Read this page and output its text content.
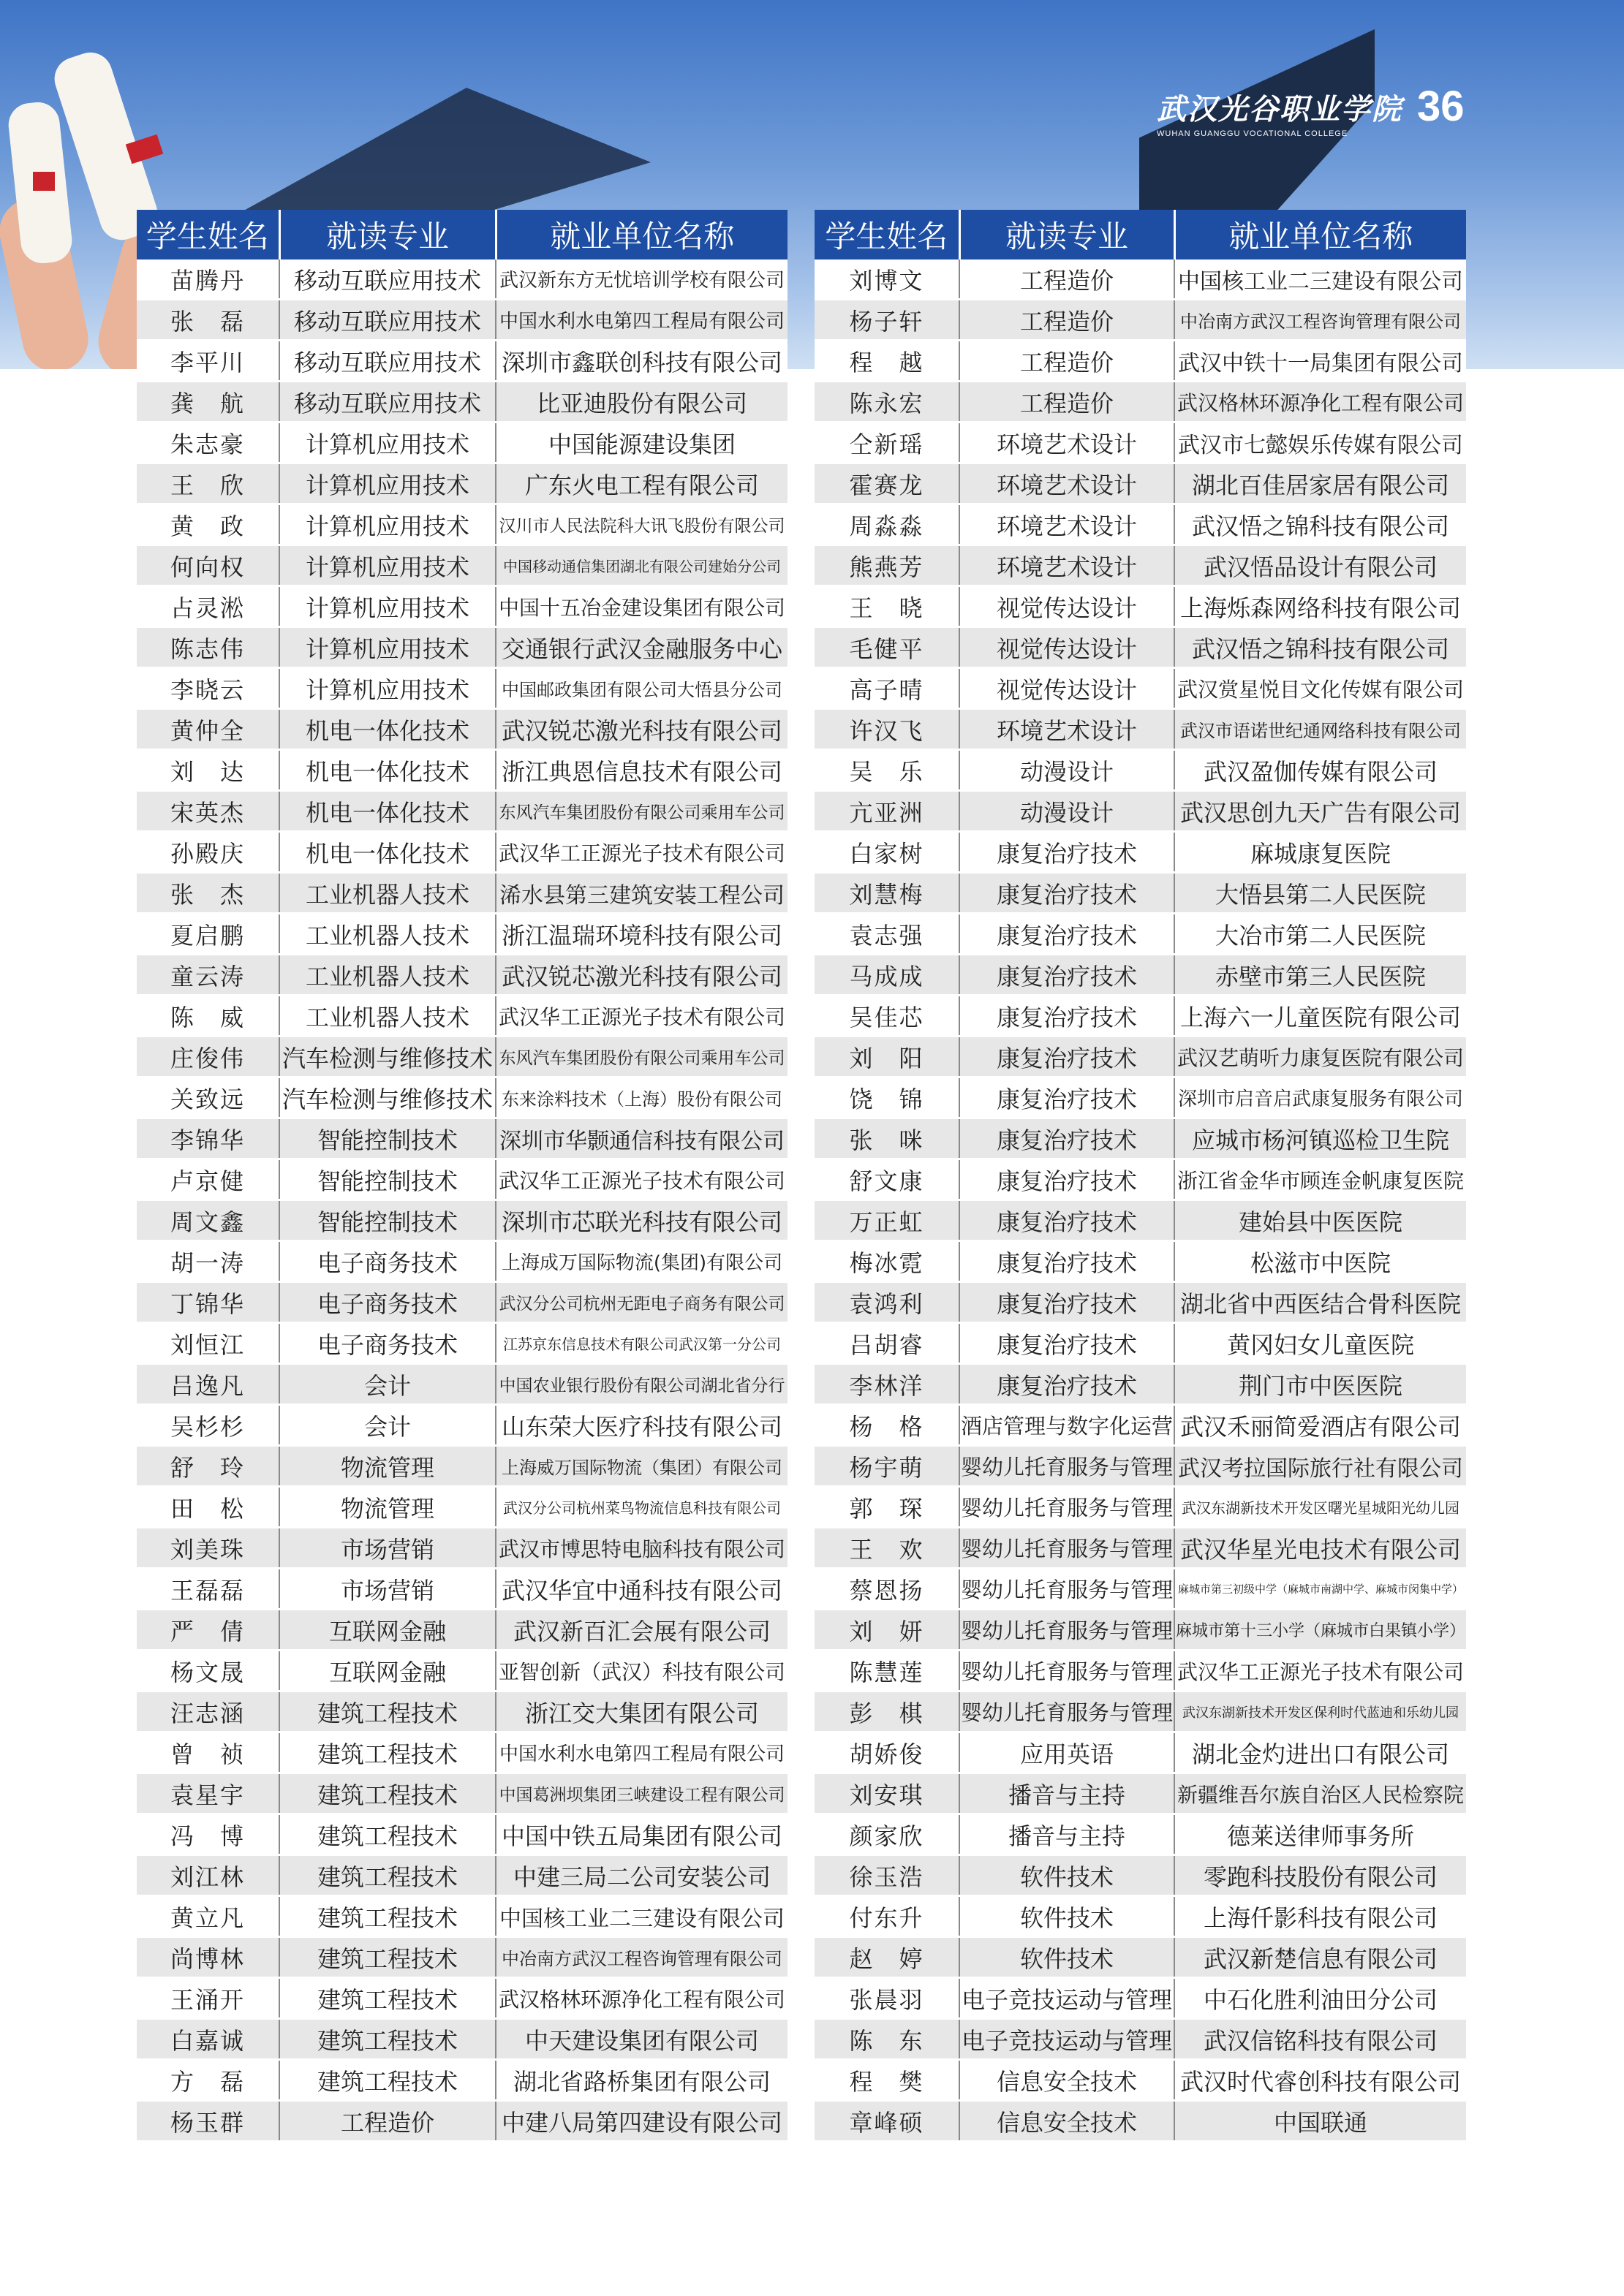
武汉光谷职业学院
WUHAN GUANGGU VOCATIONAL COLLEGE
36
学生姓名	就读专业	就业单位名称
苗腾丹	移动互联应用技术	武汉新东方无忧培训学校有限公司
张　磊	移动互联应用技术	中国水利水电第四工程局有限公司
李平川	移动互联应用技术	深圳市鑫联创科技有限公司
龚　航	移动互联应用技术	比亚迪股份有限公司
朱志豪	计算机应用技术	中国能源建设集团
王　欣	计算机应用技术	广东火电工程有限公司
黄　政	计算机应用技术	汉川市人民法院科大讯飞股份有限公司
何向权	计算机应用技术	中国移动通信集团湖北有限公司建始分公司
占灵淞	计算机应用技术	中国十五冶金建设集团有限公司
陈志伟	计算机应用技术	交通银行武汉金融服务中心
李晓云	计算机应用技术	中国邮政集团有限公司大悟县分公司
黄仲全	机电一体化技术	武汉锐芯激光科技有限公司
刘　达	机电一体化技术	浙江典恩信息技术有限公司
宋英杰	机电一体化技术	东风汽车集团股份有限公司乘用车公司
孙殿庆	机电一体化技术	武汉华工正源光子技术有限公司
张　杰	工业机器人技术	浠水县第三建筑安装工程公司
夏启鹏	工业机器人技术	浙江温瑞环境科技有限公司
童云涛	工业机器人技术	武汉锐芯激光科技有限公司
陈　威	工业机器人技术	武汉华工正源光子技术有限公司
庄俊伟	汽车检测与维修技术	东风汽车集团股份有限公司乘用车公司
关致远	汽车检测与维修技术	东来涂料技术（上海）股份有限公司
李锦华	智能控制技术	深圳市华颢通信科技有限公司
卢京健	智能控制技术	武汉华工正源光子技术有限公司
周文鑫	智能控制技术	深圳市芯联光科技有限公司
胡一涛	电子商务技术	上海成万国际物流(集团)有限公司
丁锦华	电子商务技术	武汉分公司杭州无距电子商务有限公司
刘恒江	电子商务技术	江苏京东信息技术有限公司武汉第一分公司
吕逸凡	会计	中国农业银行股份有限公司湖北省分行
吴杉杉	会计	山东荣大医疗科技有限公司
舒　玲	物流管理	上海威万国际物流（集团）有限公司
田　松	物流管理	武汉分公司杭州菜鸟物流信息科技有限公司
刘美珠	市场营销	武汉市博思特电脑科技有限公司
王磊磊	市场营销	武汉华宜中通科技有限公司
严　倩	互联网金融	武汉新百汇会展有限公司
杨文晟	互联网金融	亚智创新（武汉）科技有限公司
汪志涵	建筑工程技术	浙江交大集团有限公司
曾　祯	建筑工程技术	中国水利水电第四工程局有限公司
袁星宇	建筑工程技术	中国葛洲坝集团三峡建设工程有限公司
冯　博	建筑工程技术	中国中铁五局集团有限公司
刘江林	建筑工程技术	中建三局二公司安装公司
黄立凡	建筑工程技术	中国核工业二三建设有限公司
尚博林	建筑工程技术	中冶南方武汉工程咨询管理有限公司
王涌开	建筑工程技术	武汉格林环源净化工程有限公司
白嘉诚	建筑工程技术	中天建设集团有限公司
方　磊	建筑工程技术	湖北省路桥集团有限公司
杨玉群	工程造价	中建八局第四建设有限公司
学生姓名	就读专业	就业单位名称
刘博文	工程造价	中国核工业二三建设有限公司
杨子轩	工程造价	中冶南方武汉工程咨询管理有限公司
程　越	工程造价	武汉中铁十一局集团有限公司
陈永宏	工程造价	武汉格林环源净化工程有限公司
仝新瑶	环境艺术设计	武汉市七懿娱乐传媒有限公司
霍赛龙	环境艺术设计	湖北百佳居家居有限公司
周淼淼	环境艺术设计	武汉悟之锦科技有限公司
熊燕芳	环境艺术设计	武汉悟品设计有限公司
王　晓	视觉传达设计	上海烁森网络科技有限公司
毛健平	视觉传达设计	武汉悟之锦科技有限公司
高子晴	视觉传达设计	武汉赏星悦目文化传媒有限公司
许汉飞	环境艺术设计	武汉市语诺世纪通网络科技有限公司
吴　乐	动漫设计	武汉盈伽传媒有限公司
亢亚洲	动漫设计	武汉思创九天广告有限公司
白家树	康复治疗技术	麻城康复医院
刘慧梅	康复治疗技术	大悟县第二人民医院
袁志强	康复治疗技术	大冶市第二人民医院
马成成	康复治疗技术	赤壁市第三人民医院
吴佳芯	康复治疗技术	上海六一儿童医院有限公司
刘　阳	康复治疗技术	武汉艺萌听力康复医院有限公司
饶　锦	康复治疗技术	深圳市启音启武康复服务有限公司
张　咪	康复治疗技术	应城市杨河镇巡检卫生院
舒文康	康复治疗技术	浙江省金华市顾连金帆康复医院
万正虹	康复治疗技术	建始县中医医院
梅冰霓	康复治疗技术	松滋市中医院
袁鸿利	康复治疗技术	湖北省中西医结合骨科医院
吕胡睿	康复治疗技术	黄冈妇女儿童医院
李林洋	康复治疗技术	荆门市中医医院
杨　格	酒店管理与数字化运营	武汉禾丽简爱酒店有限公司
杨宇萌	婴幼儿托育服务与管理	武汉考拉国际旅行社有限公司
郭　琛	婴幼儿托育服务与管理	武汉东湖新技术开发区曙光星城阳光幼儿园
王　欢	婴幼儿托育服务与管理	武汉华星光电技术有限公司
蔡恩扬	婴幼儿托育服务与管理	麻城市第三初级中学（麻城市南湖中学、麻城市闵集中学）
刘　妍	婴幼儿托育服务与管理	麻城市第十三小学（麻城市白果镇小学）
陈慧莲	婴幼儿托育服务与管理	武汉华工正源光子技术有限公司
彭　棋	婴幼儿托育服务与管理	武汉东湖新技术开发区保利时代蓝迪和乐幼儿园
胡娇俊	应用英语	湖北金灼进出口有限公司
刘安琪	播音与主持	新疆维吾尔族自治区人民检察院
颜家欣	播音与主持	德莱送律师事务所
徐玉浩	软件技术	零跑科技股份有限公司
付东升	软件技术	上海仟影科技有限公司
赵　婷	软件技术	武汉新楚信息有限公司
张晨羽	电子竞技运动与管理	中石化胜利油田分公司
陈　东	电子竞技运动与管理	武汉信铭科技有限公司
程　樊	信息安全技术	武汉时代睿创科技有限公司
章峰硕	信息安全技术	中国联通
